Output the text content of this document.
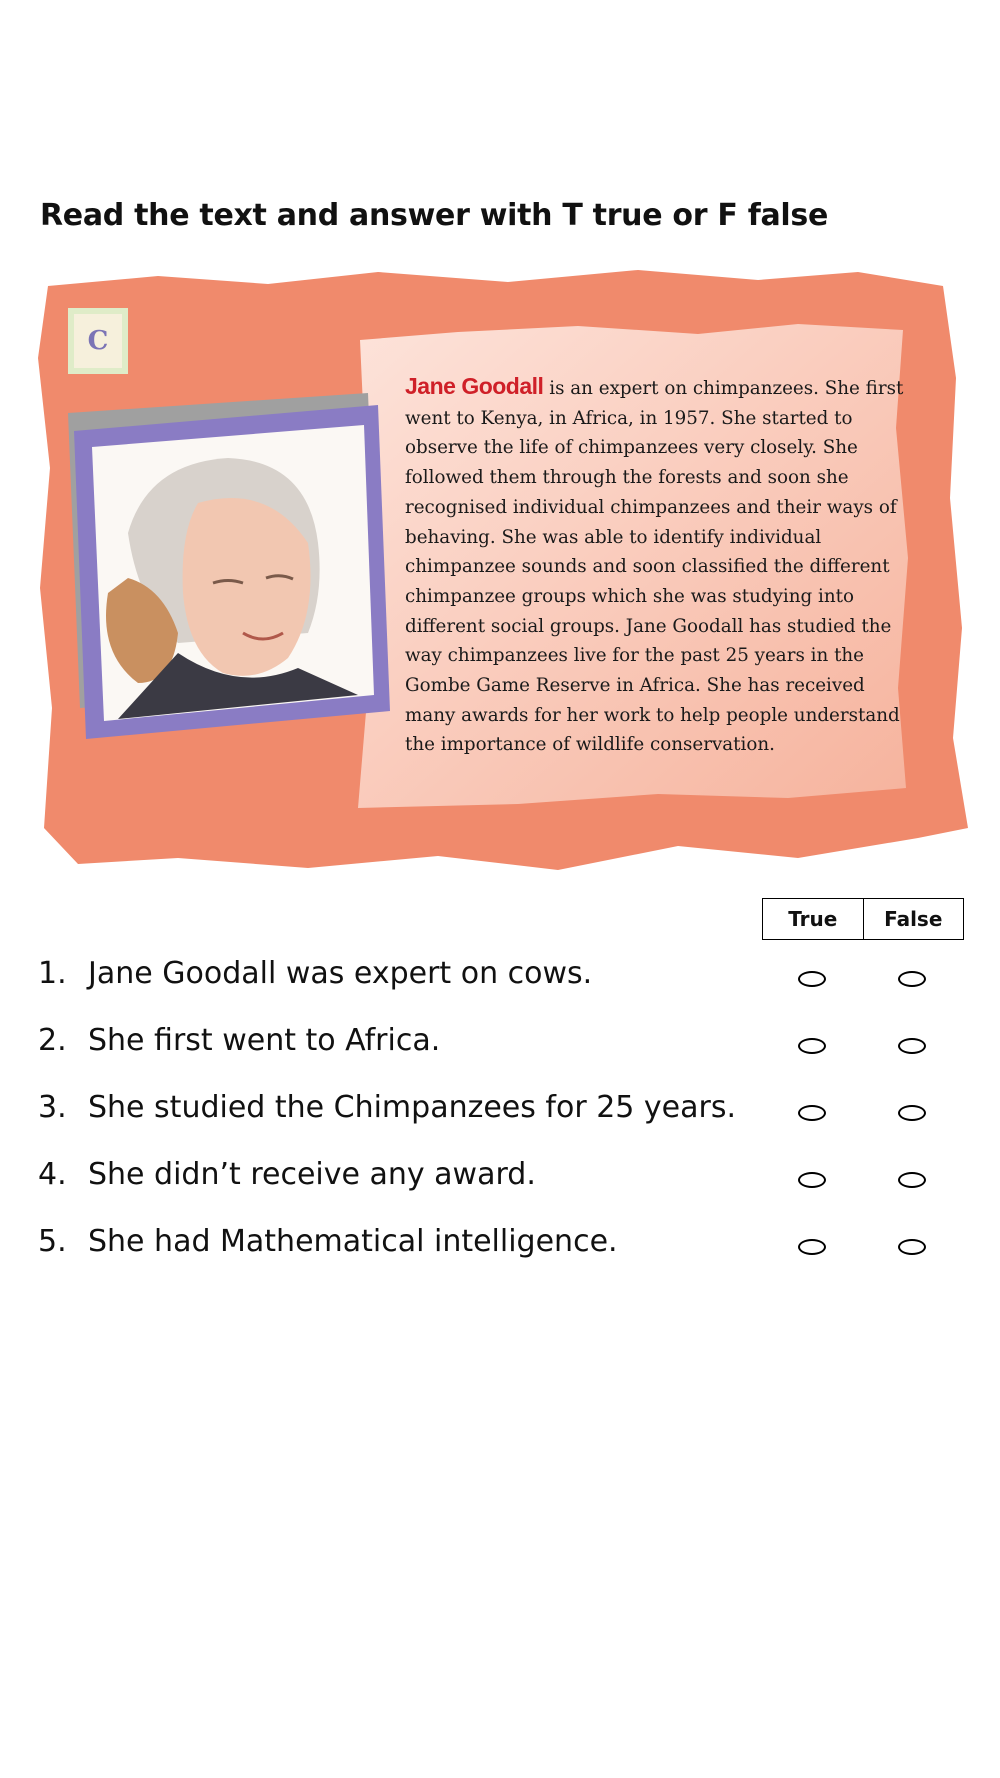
Read the text and answer with T true or F false
C
Jane Goodall is an expert on chimpanzees. She first went to Kenya, in Africa, in 1957. She started to observe the life of chimpanzees very closely. She followed them through the forests and soon she recognised individual chimpanzees and their ways of behaving. She was able to identify individual chimpanzee sounds and soon classified the different chimpanzee groups which she was studying into different social groups. Jane Goodall has studied the way chimpanzees live for the past 25 years in the Gombe Game Reserve in Africa. She has received many awards for her work to help people understand the importance of wildlife conservation.
True	False
1. Jane Goodall was expert on cows.
2. She first went to Africa.
3. She studied the Chimpanzees for 25 years.
4. She didn’t receive any award.
5. She had Mathematical intelligence.
